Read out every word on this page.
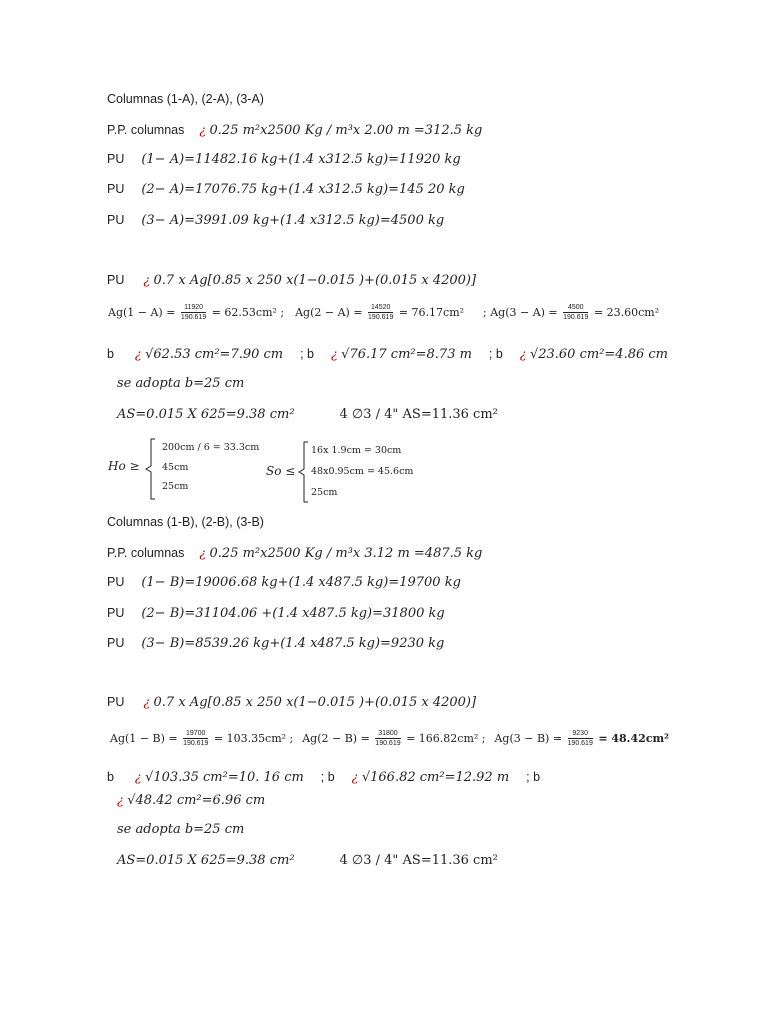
Columnas (1-A), (2-A), (3-A)
P.P. columnas ¿ 0.25 m²x2500 Kg / m³x 2.00 m =312.5 kg
PU (1− A)=11482.16 kg+(1.4 x312.5 kg)=11920 kg
PU (2− A)=17076.75 kg+(1.4 x312.5 kg)=145 20 kg
PU (3− A)=3991.09 kg+(1.4 x312.5 kg)=4500 kg
PU ¿ 0.7 x Ag[0.85 x 250 x(1−0.015 )+(0.015 x 4200)]
$Ag(1 - A) = \frac{11920}{190.619} = 62.53cm^2$ ; $Ag(2 - A) = \frac{14520}{190.619} = 76.17cm^2$ ; $Ag(3 - A) = \frac{4500}{190.619} = 23.60cm^2$
b ¿ √62.53 cm²=7.90 cm ; b ¿ √76.17 cm²=8.73 m ; b ¿ √23.60 cm²=4.86 cm
se adopta b=25 cm
AS=0.015 X 625=9.38 cm²	4 ∅3 / 4" AS=11.36 cm²
Ho ≥
200cm / 6 = 33.3cm
45cm
25cm
So ≤
16x 1.9cm = 30cm
48x0.95cm = 45.6cm
25cm
Columnas (1-B), (2-B), (3-B)
P.P. columnas ¿ 0.25 m²x2500 Kg / m³x 3.12 m =487.5 kg
PU (1− B)=19006.68 kg+(1.4 x487.5 kg)=19700 kg
PU (2− B)=31104.06 +(1.4 x487.5 kg)=31800 kg
PU (3− B)=8539.26 kg+(1.4 x487.5 kg)=9230 kg
PU ¿ 0.7 x Ag[0.85 x 250 x(1−0.015 )+(0.015 x 4200)]
$Ag(1 - B) = \frac{19700}{190.619} = 103.35cm^2$ ; $Ag(2 - B) = \frac{31800}{190.619} = 166.82cm^2$ ; $Ag(3 - B) = \frac{9230}{190.619} = 48.42cm^2$
b ¿ √103.35 cm²=10. 16 cm ; b ¿ √166.82 cm²=12.92 m ; b
¿ √48.42 cm²=6.96 cm
se adopta b=25 cm
AS=0.015 X 625=9.38 cm²	4 ∅3 / 4" AS=11.36 cm²
